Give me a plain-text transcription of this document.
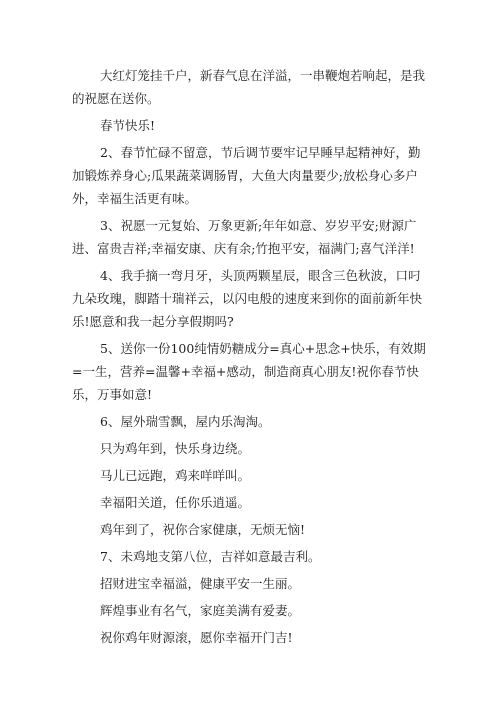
大红灯笼挂千户，新春气息在洋溢，一串鞭炮若响起，是我的祝愿在送你。

春节快乐!

2、春节忙碌不留意，节后调节要牢记早睡早起精神好，勤加锻炼养身心;瓜果蔬菜调肠胃，大鱼大肉量要少;放松身心多户外，幸福生活更有味。

3、祝愿一元复始、万象更新;年年如意、岁岁平安;财源广进、富贵吉祥;幸福安康、庆有余;竹抱平安，福满门;喜气洋洋!

4、我手摘一弯月牙，头顶两颗星辰，眼含三色秋波，口叼九朵玫瑰，脚踏十瑞祥云，以闪电般的速度来到你的面前新年快乐!愿意和我一起分享假期吗?

5、送你一份100纯情奶糖成分=真心+思念+快乐，有效期=一生，营养=温馨+幸福+感动，制造商真心朋友!祝你春节快乐，万事如意!

6、屋外瑞雪飘，屋内乐淘淘。

只为鸡年到，快乐身边绕。

马儿已远跑，鸡来咩咩叫。

幸福阳关道，任你乐逍遥。

鸡年到了，祝你合家健康，无烦无恼!

7、未鸡地支第八位，吉祥如意最吉利。

招财进宝幸福溢，健康平安一生丽。

辉煌事业有名气，家庭美满有爱妻。

祝你鸡年财源滚，愿你幸福开门吉!
